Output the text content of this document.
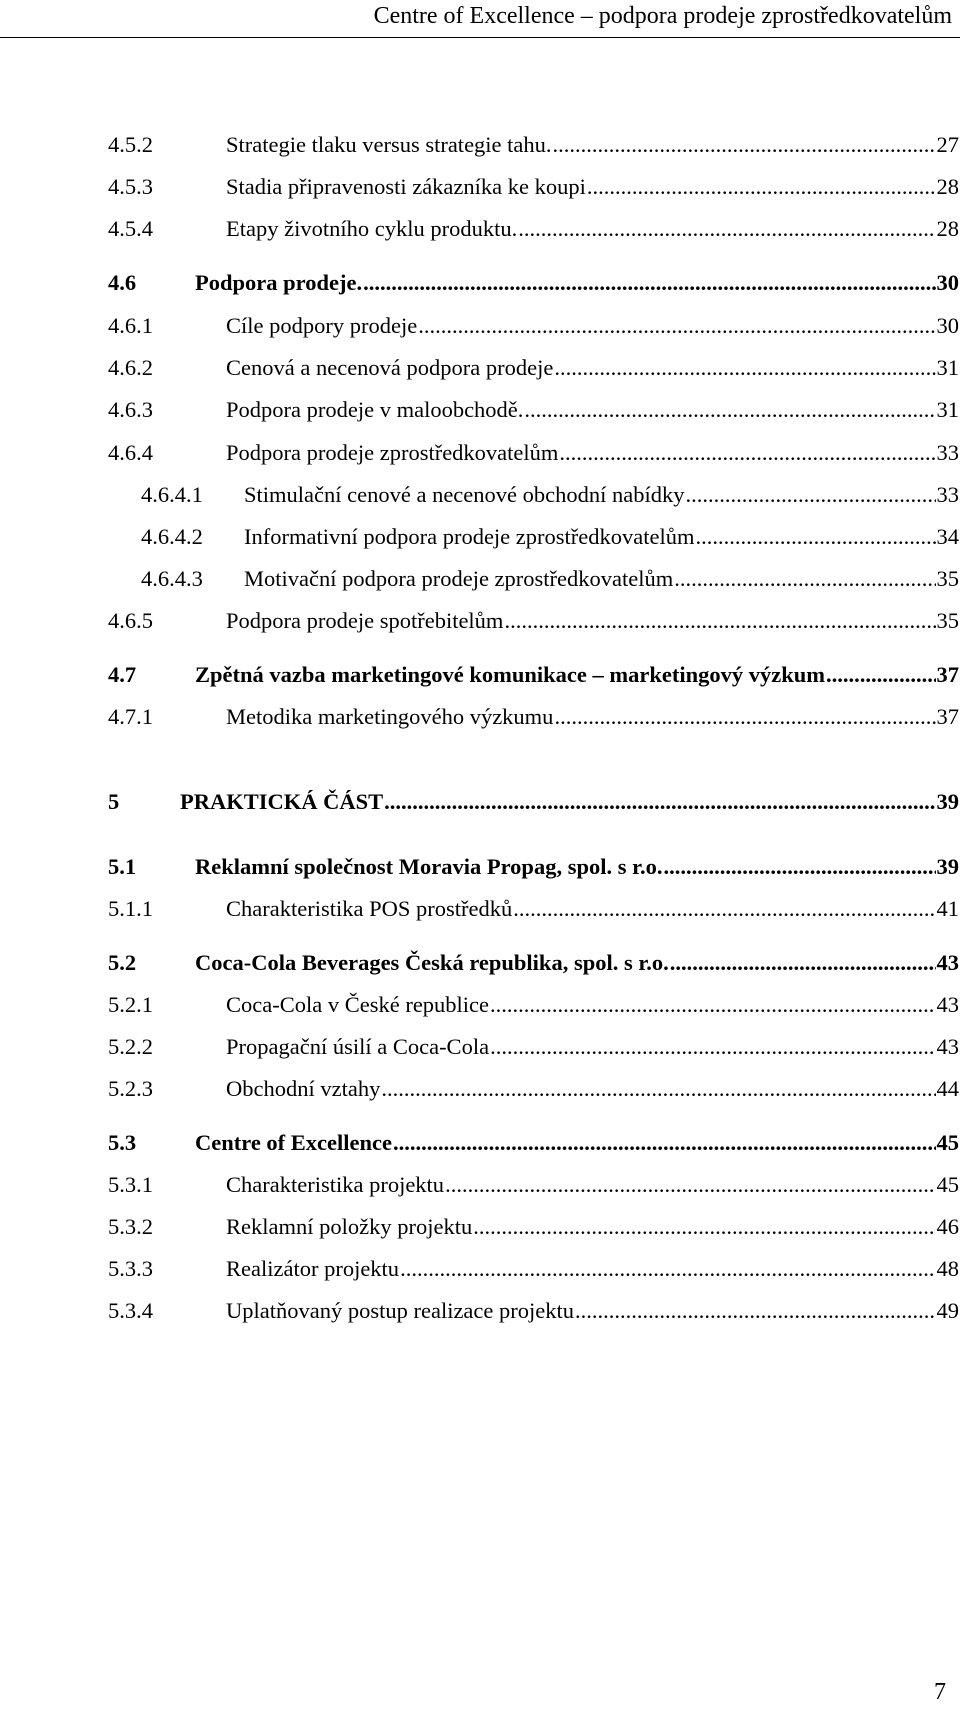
Centre of Excellence – podpora prodeje zprostředkovatelům
4.5.2	Strategie tlaku versus strategie tahu. .....	27
4.5.3	Stadia připravenosti zákazníka ke koupi .....	28
4.5.4	Etapy životního cyklu produktu. .....	28
4.6	Podpora prodeje. .....	30
4.6.1	Cíle podpory prodeje .....	30
4.6.2	Cenová a necenová podpora prodeje .....	31
4.6.3	Podpora prodeje v maloobchodě. .....	31
4.6.4	Podpora prodeje zprostředkovatelům .....	33
4.6.4.1	Stimulační cenové a necenové obchodní nabídky .....	33
4.6.4.2	Informativní podpora prodeje zprostředkovatelům .....	34
4.6.4.3	Motivační podpora prodeje zprostředkovatelům .....	35
4.6.5	Podpora prodeje spotřebitelům .....	35
4.7	Zpětná vazba marketingové komunikace – marketingový výzkum .....	37
4.7.1	Metodika marketingového výzkumu .....	37
5	PRAKTICKÁ ČÁST .....	39
5.1	Reklamní společnost Moravia Propag, spol. s r.o. .....	39
5.1.1	Charakteristika POS prostředků .....	41
5.2	Coca-Cola Beverages Česká republika, spol. s r.o. .....	43
5.2.1	Coca-Cola v České republice .....	43
5.2.2	Propagační úsilí a Coca-Cola .....	43
5.2.3	Obchodní vztahy .....	44
5.3	Centre of Excellence .....	45
5.3.1	Charakteristika projektu .....	45
5.3.2	Reklamní položky projektu .....	46
5.3.3	Realizátor projektu .....	48
5.3.4	Uplatňovaný postup realizace projektu .....	49
7
